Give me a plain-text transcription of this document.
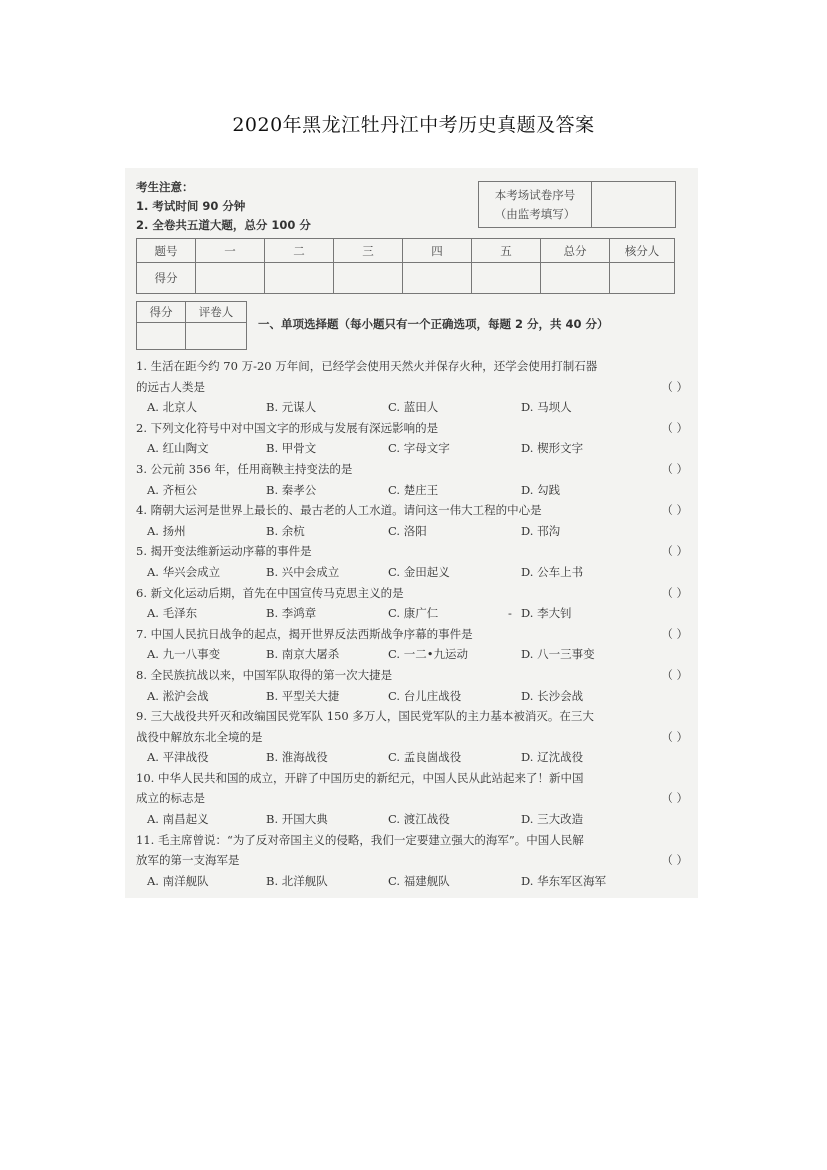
2020年黑龙江牡丹江中考历史真题及答案
考生注意：
1. 考试时间 90 分钟
2. 全卷共五道大题，总分 100 分
本考场试卷序号
（由监考填写）
题号	一	二	三	四	五	总分	核分人
得分							
得分	评卷人

一、单项选择题（每小题只有一个正确选项，每题 2 分，共 40 分）
1. 生活在距今约 70 万-20 万年间，已经学会使用天然火并保存火种，还学会使用打制石器
的远古人类是	（ ）
A. 北京人	B. 元谋人	C. 蓝田人	D. 马坝人
2. 下列文化符号中对中国文字的形成与发展有深远影响的是	（ ）
A. 红山陶文	B. 甲骨文	C. 字母文字	D. 楔形文字
3. 公元前 356 年，任用商鞅主持变法的是	（ ）
A. 齐桓公	B. 秦孝公	C. 楚庄王	D. 勾践
4. 隋朝大运河是世界上最长的、最古老的人工水道。请问这一伟大工程的中心是	（ ）
A. 扬州	B. 余杭	C. 洛阳	D. 邗沟
5. 揭开变法维新运动序幕的事件是	（ ）
A. 华兴会成立	B. 兴中会成立	C. 金田起义	D. 公车上书
6. 新文化运动后期，首先在中国宣传马克思主义的是	（ ）
A. 毛泽东	B. 李鸿章	C. 康广仁	- D. 李大钊
7. 中国人民抗日战争的起点，揭开世界反法西斯战争序幕的事件是	（ ）
A. 九一八事变	B. 南京大屠杀	C. 一二•九运动	D. 八一三事变
8. 全民族抗战以来，中国军队取得的第一次大捷是	（ ）
A. 淞沪会战	B. 平型关大捷	C. 台儿庄战役	D. 长沙会战
9. 三大战役共歼灭和改编国民党军队 150 多万人，国民党军队的主力基本被消灭。在三大
战役中解放东北全境的是	（ ）
A. 平津战役	B. 淮海战役	C. 孟良崮战役	D. 辽沈战役
10. 中华人民共和国的成立，开辟了中国历史的新纪元，中国人民从此站起来了！新中国
成立的标志是	（ ）
A. 南昌起义	B. 开国大典	C. 渡江战役	D. 三大改造
11. 毛主席曾说：“为了反对帝国主义的侵略，我们一定要建立强大的海军”。中国人民解
放军的第一支海军是	（ ）
A. 南洋舰队	B. 北洋舰队	C. 福建舰队	D. 华东军区海军
